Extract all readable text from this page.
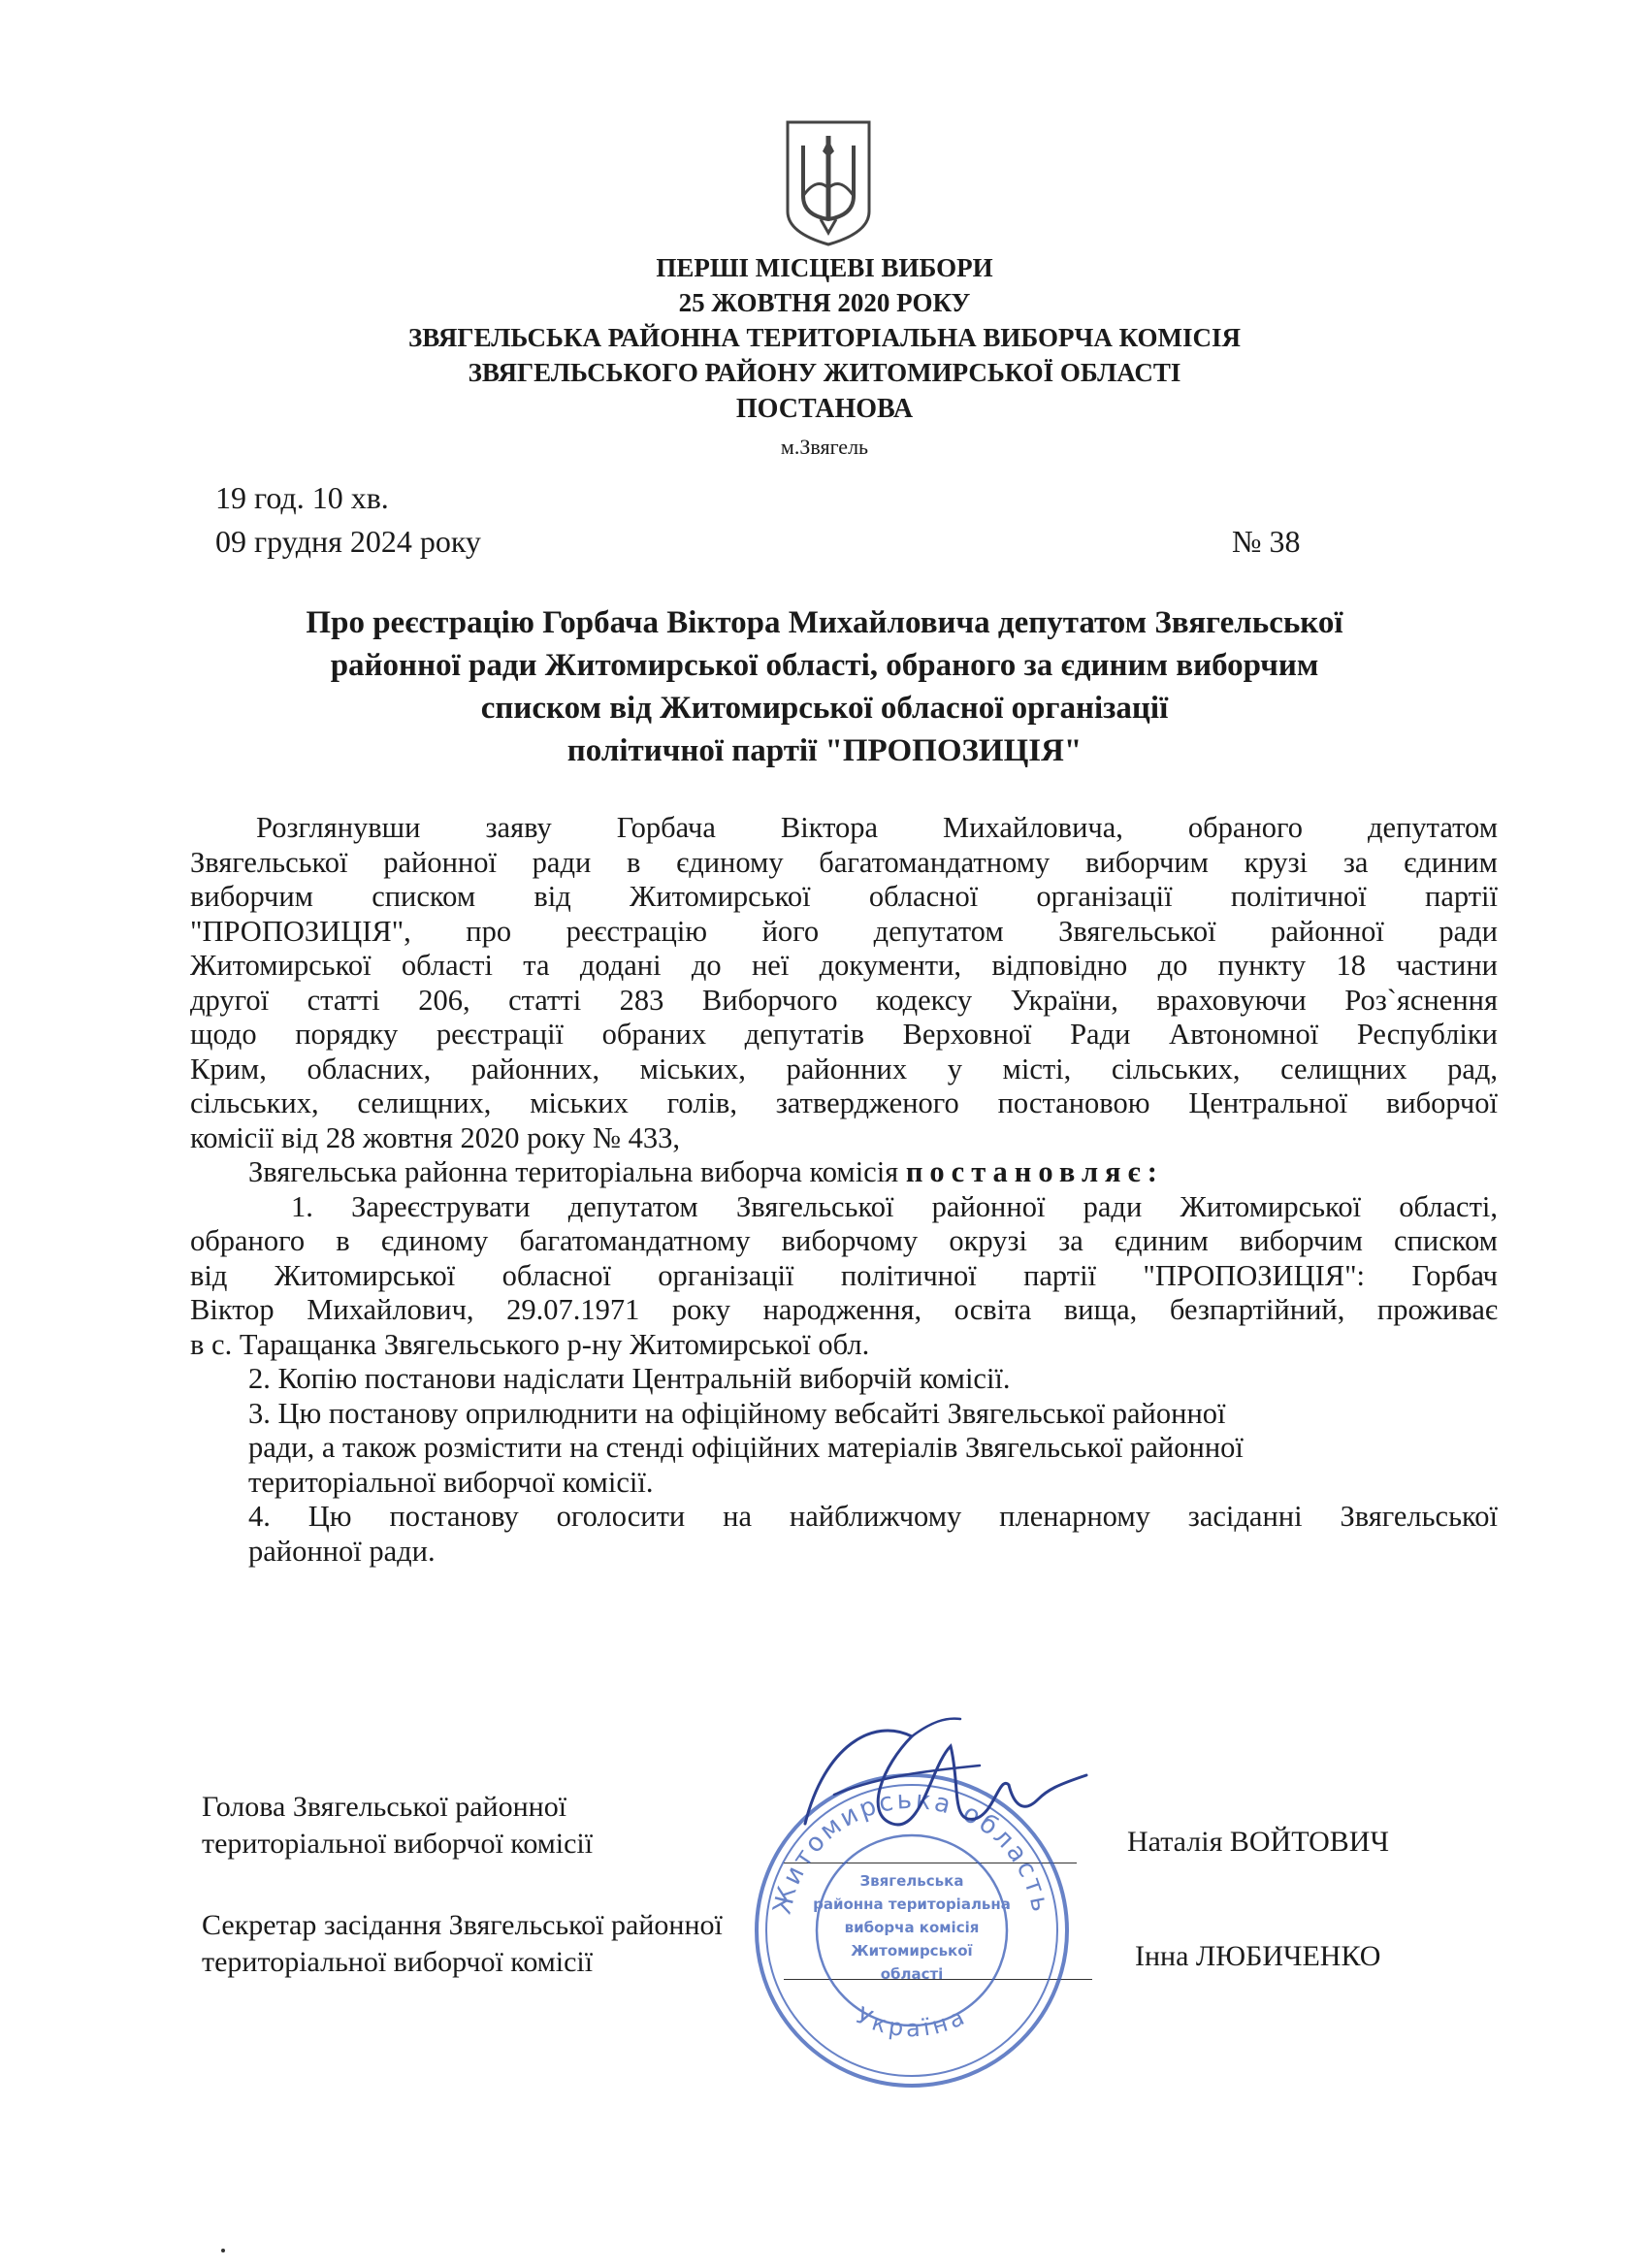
ПЕРШІ МІСЦЕВІ ВИБОРИ
25 ЖОВТНЯ 2020 РОКУ
ЗВЯГЕЛЬСЬКА РАЙОННА ТЕРИТОРІАЛЬНА ВИБОРЧА КОМІСІЯ
ЗВЯГЕЛЬСЬКОГО РАЙОНУ ЖИТОМИРСЬКОЇ ОБЛАСТІ
ПОСТАНОВА
м.Звягель
19 год. 10 хв.
09 грудня 2024 року	№ 38
Про реєстрацію Горбача Віктора Михайловича депутатом Звягельської
районної ради Житомирської області, обраного за єдиним виборчим
списком від Житомирської обласної організації
політичної партії "ПРОПОЗИЦІЯ"
Розглянувши заяву Горбача Віктора Михайловича, обраного депутатом
Звягельської районної ради в єдиному багатомандатному виборчим крузі за єдиним
виборчим списком від Житомирської обласної організації політичної партії
"ПРОПОЗИЦІЯ", про реєстрацію його депутатом Звягельської районної ради
Житомирської області та додані до неї документи, відповідно до пункту 18 частини
другої статті 206, статті 283 Виборчого кодексу України, враховуючи Роз`яснення
щодо порядку реєстрації обраних депутатів Верховної Ради Автономної Республіки
Крим, обласних, районних, міських, районних у місті, сільських, селищних рад,
сільських, селищних, міських голів, затвердженого постановою Центральної виборчої
комісії від 28 жовтня 2020 року № 433,
Звягельська районна територіальна виборча комісія постановляє:
1. Зареєструвати депутатом Звягельської районної ради Житомирської області,
обраного в єдиному багатомандатному виборчому окрузі за єдиним виборчим списком
від Житомирської обласної організації політичної партії "ПРОПОЗИЦІЯ": Горбач
Віктор Михайлович, 29.07.1971 року народження, освіта вища, безпартійний, проживає
в с. Таращанка Звягельського р-ну Житомирської обл.
2. Копію постанови надіслати Центральній виборчій комісії.
3. Цю постанову оприлюднити на офіційному вебсайті Звягельської районної
ради, а також розмістити на стенді офіційних матеріалів Звягельської районної
територіальної виборчої комісії.
4. Цю постанову оголосити на найближчому пленарному засіданні Звягельської
районної ради.
Голова Звягельської районної
територіальної виборчої комісії	Наталія ВОЙТОВИЧ
Секретар засідання Звягельської районної
територіальної виборчої комісії	Інна ЛЮБИЧЕНКО
Житомирська область
Україна
Звягельська
районна територіальна
виборча комісія
Житомирської
області
